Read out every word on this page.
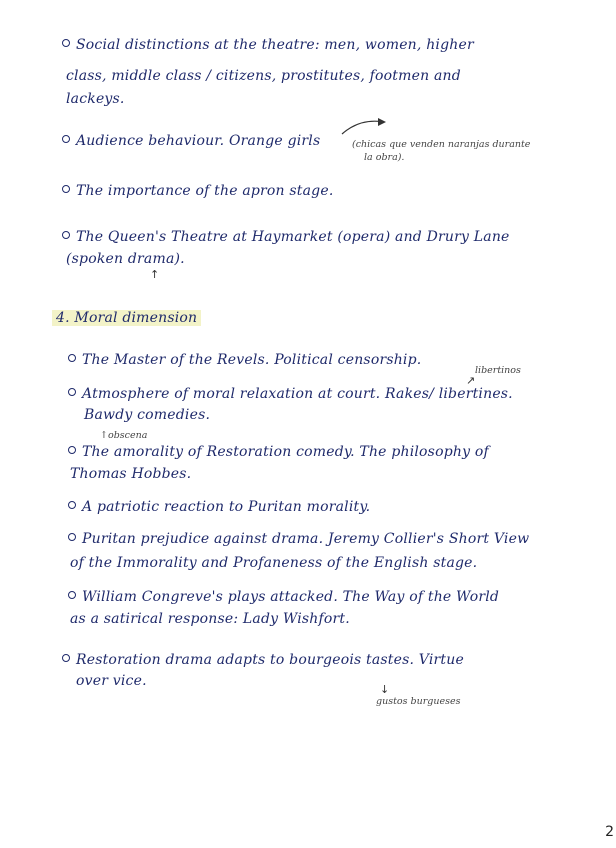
Social distinctions at the theatre: men, women, higher
class, middle class / citizens, prostitutes, footmen and
lackeys.
Audience behaviour. Orange girls	(chicas que venden naranjas durante
la obra).
The importance of the apron stage.
The Queen's Theatre at Haymarket (opera) and Drury Lane
(spoken drama).
↑
4. Moral dimension
The Master of the Revels. Political censorship.
libertinos
↗
Atmosphere of moral relaxation at court. Rakes/ libertines.
Bawdy comedies.
↑obscena
The amorality of Restoration comedy. The philosophy of
Thomas Hobbes.
A patriotic reaction to Puritan morality.
Puritan prejudice against drama. Jeremy Collier's Short View
of the Immorality and Profaneness of the English stage.
William Congreve's plays attacked. The Way of the World
as a satirical response: Lady Wishfort.
Restoration drama adapts to bourgeois tastes. Virtue
over vice.
↓
gustos burgueses
2
